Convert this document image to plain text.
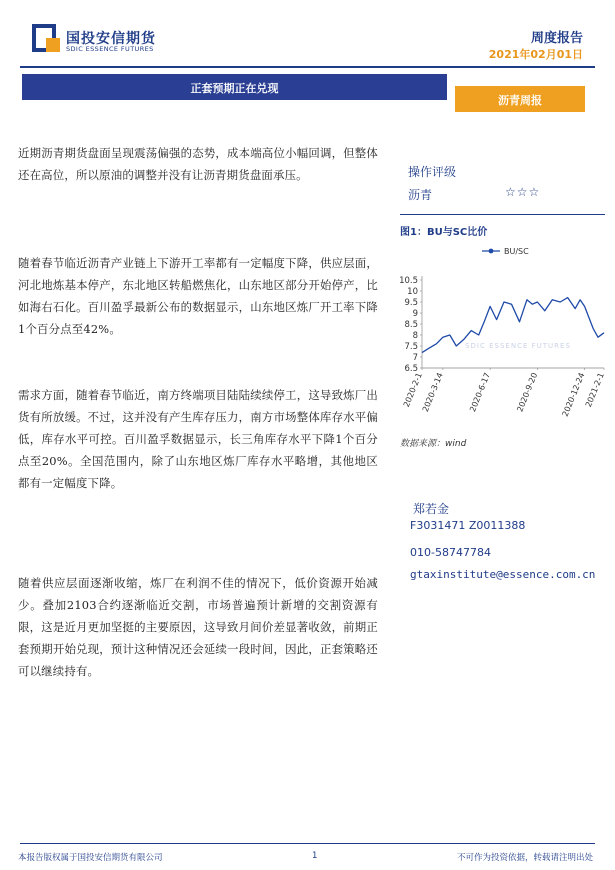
国投安信期货
SDIC ESSENCE FUTURES
周度报告
2021年02月01日
正套预期正在兑现
沥青周报

近期沥青期货盘面呈现震荡偏强的态势，成本端高位小幅回调，但整体还在高位，所以原油的调整并没有让沥青期货盘面承压。

随着春节临近沥青产业链上下游开工率都有一定幅度下降，供应层面，河北地炼基本停产，东北地区转船燃焦化，山东地区部分开始停产，比如海右石化。百川盈孚最新公布的数据显示，山东地区炼厂开工率下降1个百分点至42%。

需求方面，随着春节临近，南方终端项目陆陆续续停工，这导致炼厂出货有所放缓。不过，这并没有产生库存压力，南方市场整体库存水平偏低，库存水平可控。百川盈孚数据显示，长三角库存水平下降1个百分点至20%。全国范围内，除了山东地区炼厂库存水平略增，其他地区都有一定幅度下降。

随着供应层面逐渐收缩，炼厂在利润不佳的情况下，低价资源开始减少。叠加2103合约逐渐临近交割，市场普遍预计新增的交割资源有限，这是近月更加坚挺的主要原因，这导致月间价差显著收敛，前期正套预期开始兑现，预计这种情况还会延续一段时间，因此，正套策略还可以继续持有。

操作评级
沥青	☆☆☆
图1：BU与SC比价
SDIC ESSENCE FUTURES
6.5
7
7.5
8
8.5
9
9.5
10
10.5
2020-2-1
2020-3-14	2020-6-17	2020-9-20	2020-12-24
2021-2-1
BU/SC
数据来源：wind
郑若金
F3031471 Z0011388
010-58747784
gtaxinstitute@essence.com.cn
本报告版权属于国投安信期货有限公司	1	不可作为投资依据，转载请注明出处
